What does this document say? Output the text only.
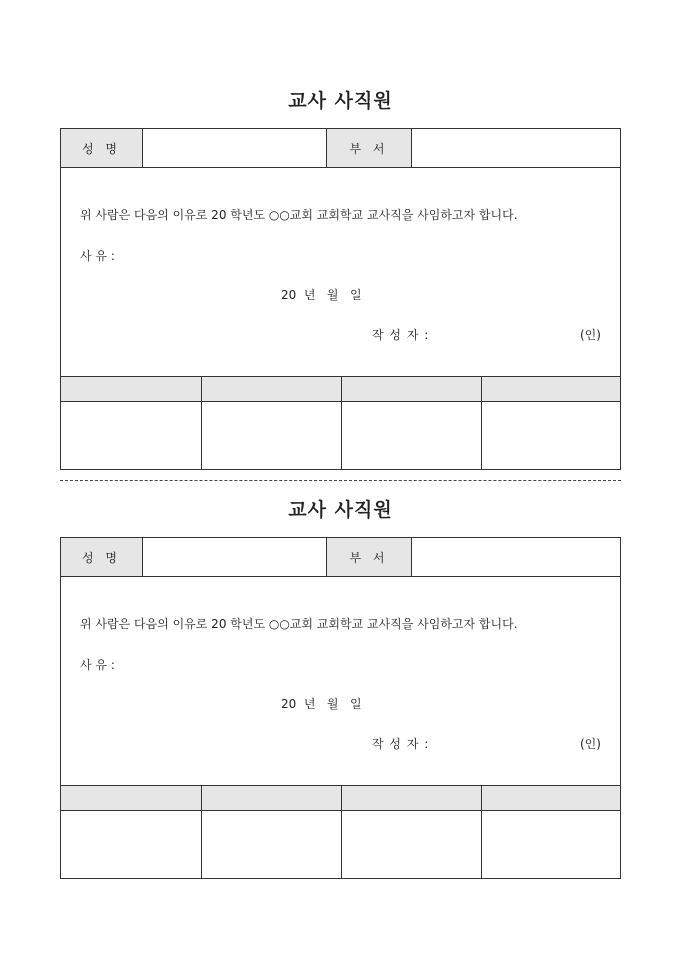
교사 사직원
성 명	부 서
위 사람은 다음의 이유로 20 학년도 ○○교회 교회학교 교사직을 사임하고자 합니다.
사 유 :
20  년   월   일
작 성 자 :	(인)
교사 사직원
성 명	부 서
위 사람은 다음의 이유로 20 학년도 ○○교회 교회학교 교사직을 사임하고자 합니다.
사 유 :
20  년   월   일
작 성 자 :	(인)
